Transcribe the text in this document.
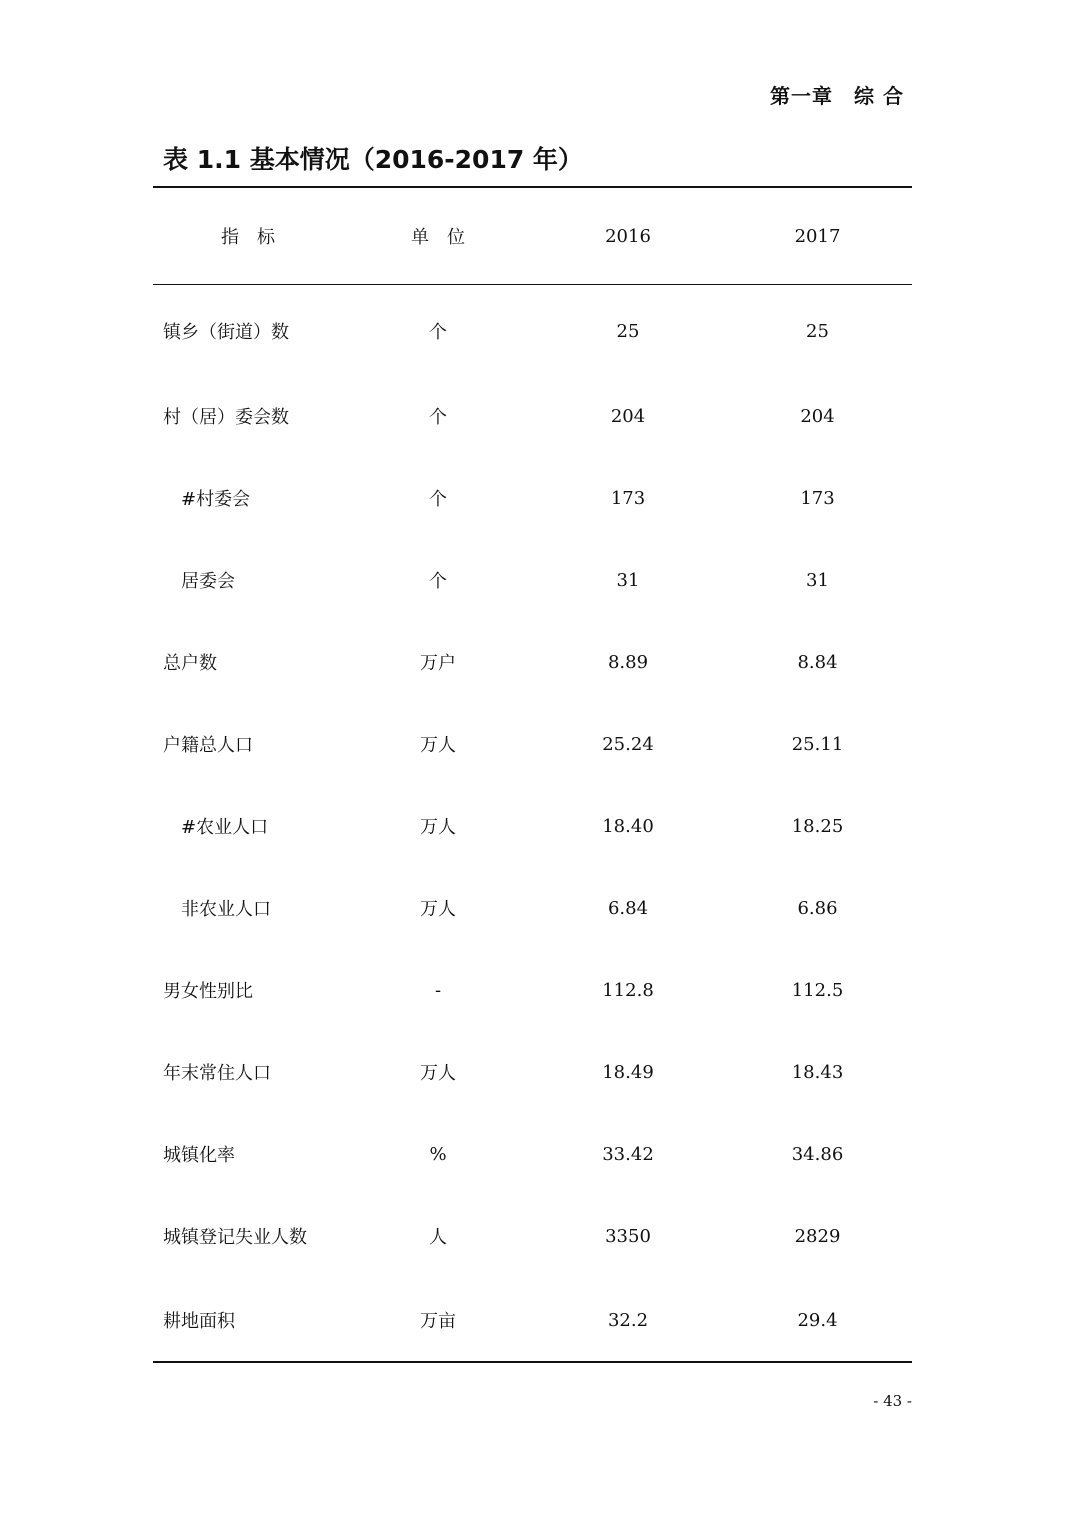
第一章　综 合
表 1.1 基本情况（2016-2017 年）
指　标	单　位	2016	2017
镇乡（街道）数	个	25	25
村（居）委会数	个	204	204
#村委会	个	173	173
居委会	个	31	31
总户数	万户	8.89	8.84
户籍总人口	万人	25.24	25.11
#农业人口	万人	18.40	18.25
非农业人口	万人	6.84	6.86
男女性别比	-	112.8	112.5
年末常住人口	万人	18.49	18.43
城镇化率	%	33.42	34.86
城镇登记失业人数	人	3350	2829
耕地面积	万亩	32.2	29.4
- 43 -
